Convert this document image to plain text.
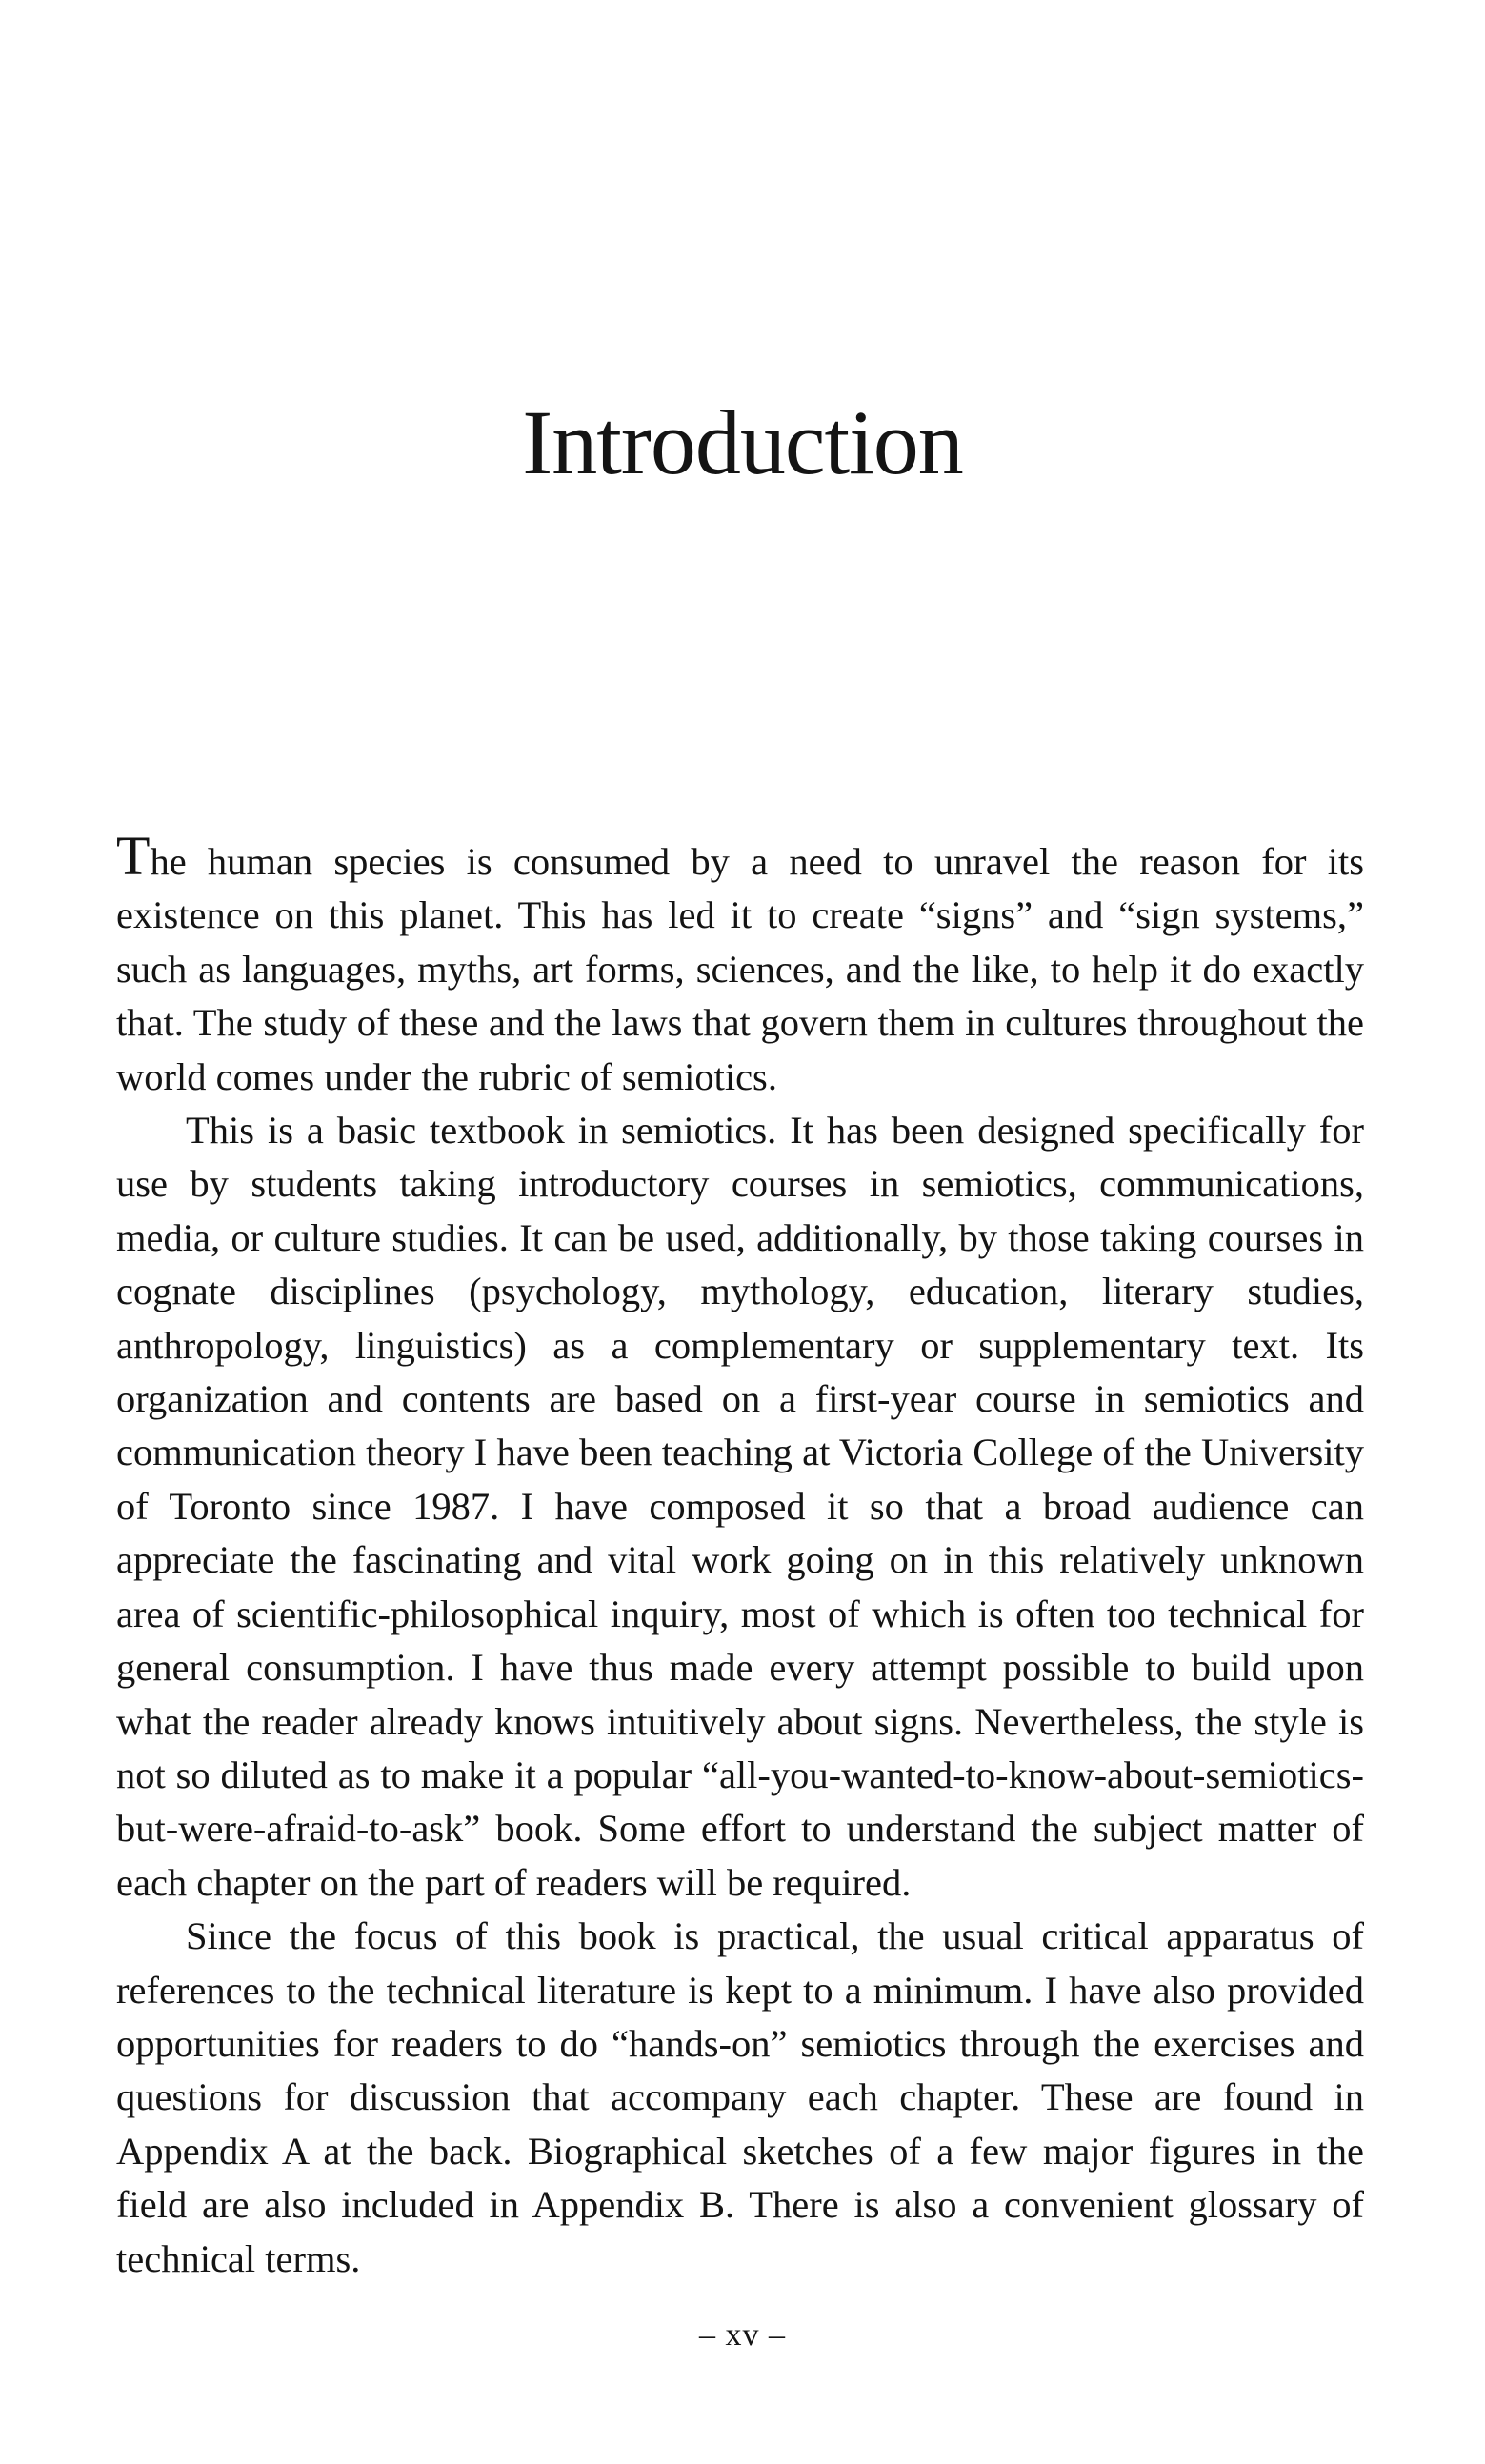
Introduction

The human species is consumed by a need to unravel the reason for its existence on this planet. This has led it to create “signs” and “sign systems,” such as languages, myths, art forms, sciences, and the like, to help it do exactly that. The study of these and the laws that govern them in cultures throughout the world comes under the rubric of semiotics.

This is a basic textbook in semiotics. It has been designed specifically for use by students taking introductory courses in semiotics, communications, media, or culture studies. It can be used, additionally, by those taking courses in cognate disciplines (psychology, mythology, education, literary studies, anthropology, linguistics) as a complementary or supplementary text. Its organization and contents are based on a first-year course in semiotics and communication theory I have been teaching at Victoria College of the University of Toronto since 1987. I have composed it so that a broad audience can appreciate the fascinating and vital work going on in this relatively unknown area of scientific-philosophical inquiry, most of which is often too technical for general consumption. I have thus made every attempt possible to build upon what the reader already knows intuitively about signs. Nevertheless, the style is not so diluted as to make it a popular “all-you-wanted-to-know-about-semiotics-but-were-afraid-to-ask” book. Some effort to understand the subject matter of each chapter on the part of readers will be required.

Since the focus of this book is practical, the usual critical apparatus of references to the technical literature is kept to a minimum. I have also provided opportunities for readers to do “hands-on” semiotics through the exercises and questions for discussion that accompany each chapter. These are found in Appendix A at the back. Biographical sketches of a few major figures in the field are also included in Appendix B. There is also a convenient glossary of technical terms.

– xv –
